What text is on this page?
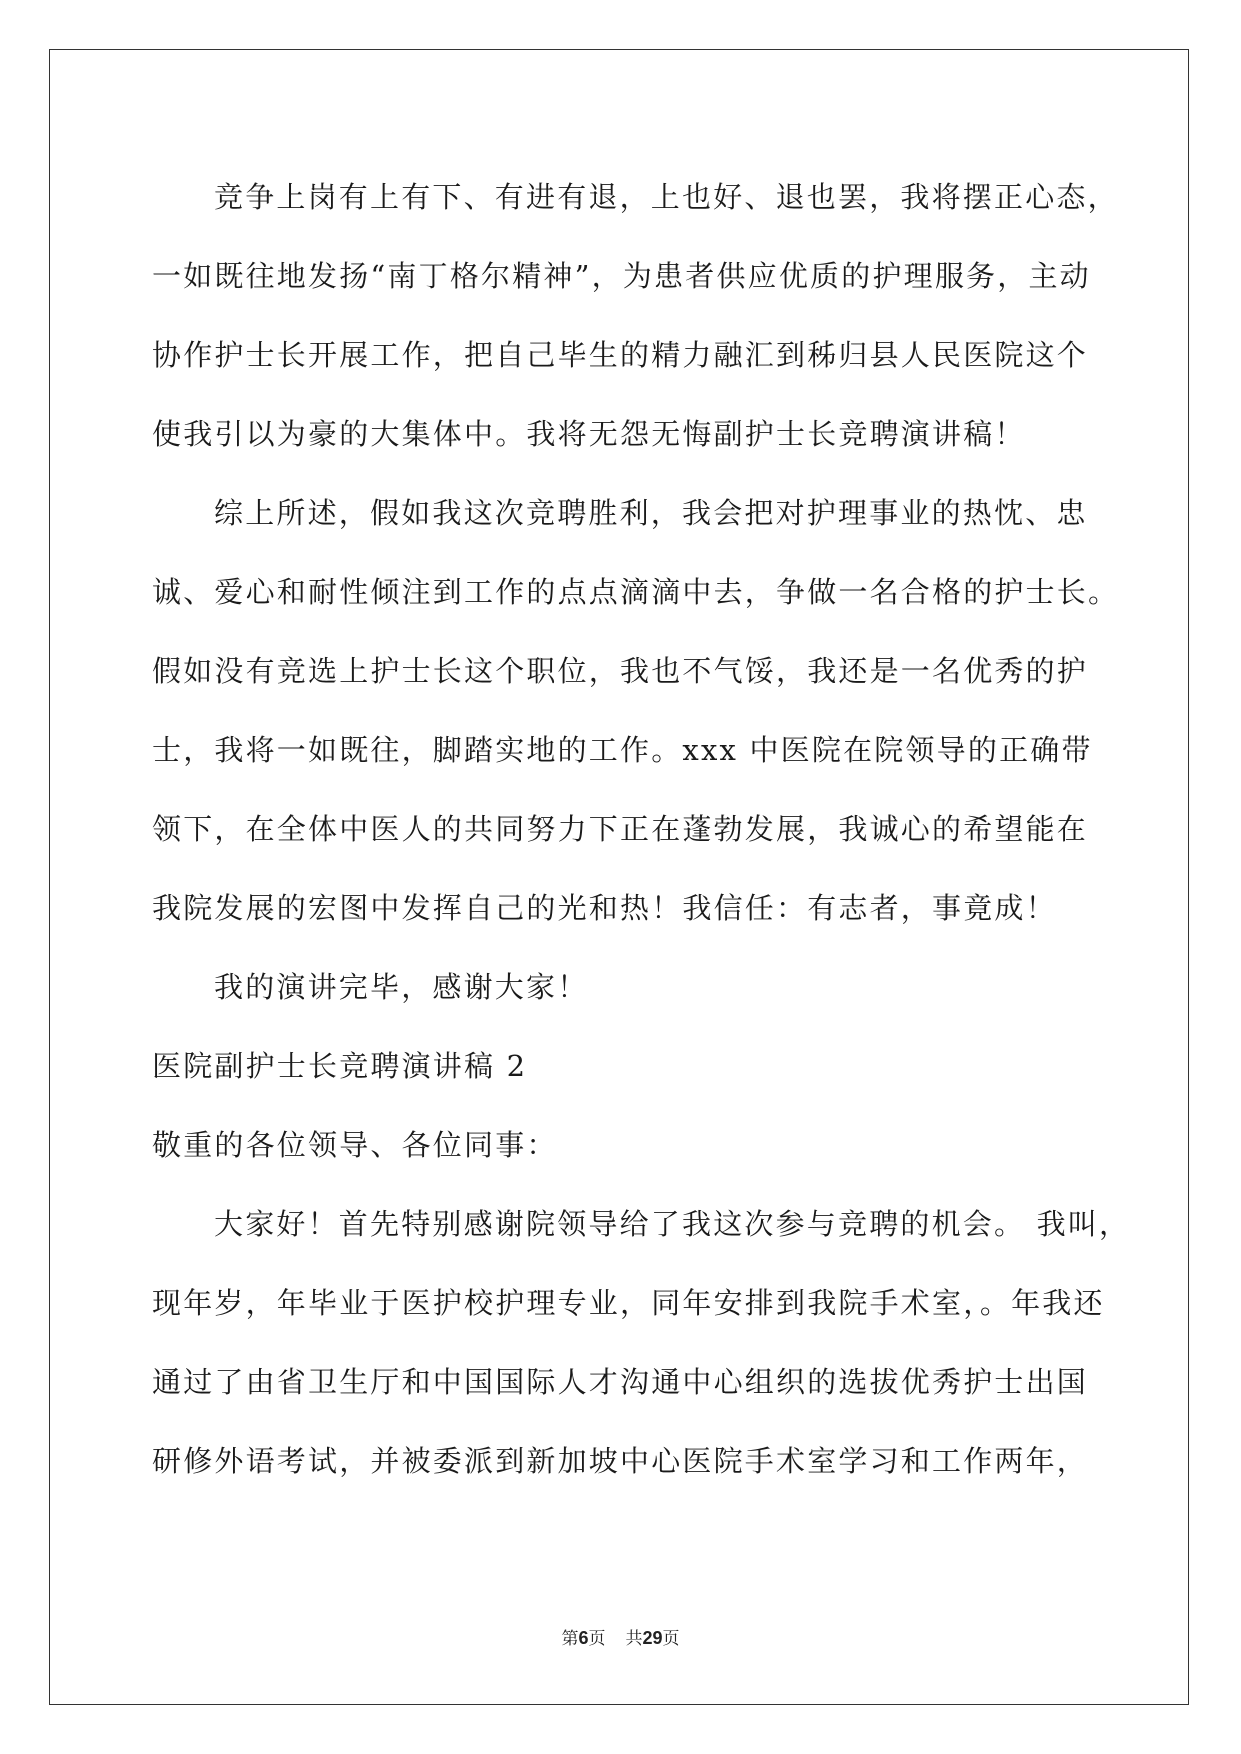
竞争上岗有上有下、有进有退，上也好、退也罢，我将摆正心态，
一如既往地发扬“南丁格尔精神”，为患者供应优质的护理服务，主动
协作护士长开展工作，把自己毕生的精力融汇到秭归县人民医院这个
使我引以为豪的大集体中。我将无怨无悔副护士长竞聘演讲稿！
综上所述，假如我这次竞聘胜利，我会把对护理事业的热忱、忠
诚、爱心和耐性倾注到工作的点点滴滴中去，争做一名合格的护士长。
假如没有竞选上护士长这个职位，我也不气馁，我还是一名优秀的护
士，我将一如既往，脚踏实地的工作。xxx 中医院在院领导的正确带
领下，在全体中医人的共同努力下正在蓬勃发展，我诚心的希望能在
我院发展的宏图中发挥自己的光和热！我信任：有志者，事竟成！
我的演讲完毕，感谢大家！
医院副护士长竞聘演讲稿 2
敬重的各位领导、各位同事：
大家好！首先特别感谢院领导给了我这次参与竞聘的机会。 我叫，
现年岁，年毕业于医护校护理专业，同年安排到我院手术室，。年我还
通过了由省卫生厅和中国国际人才沟通中心组织的选拔优秀护士出国
研修外语考试，并被委派到新加坡中心医院手术室学习和工作两年，
第6页 共29页
